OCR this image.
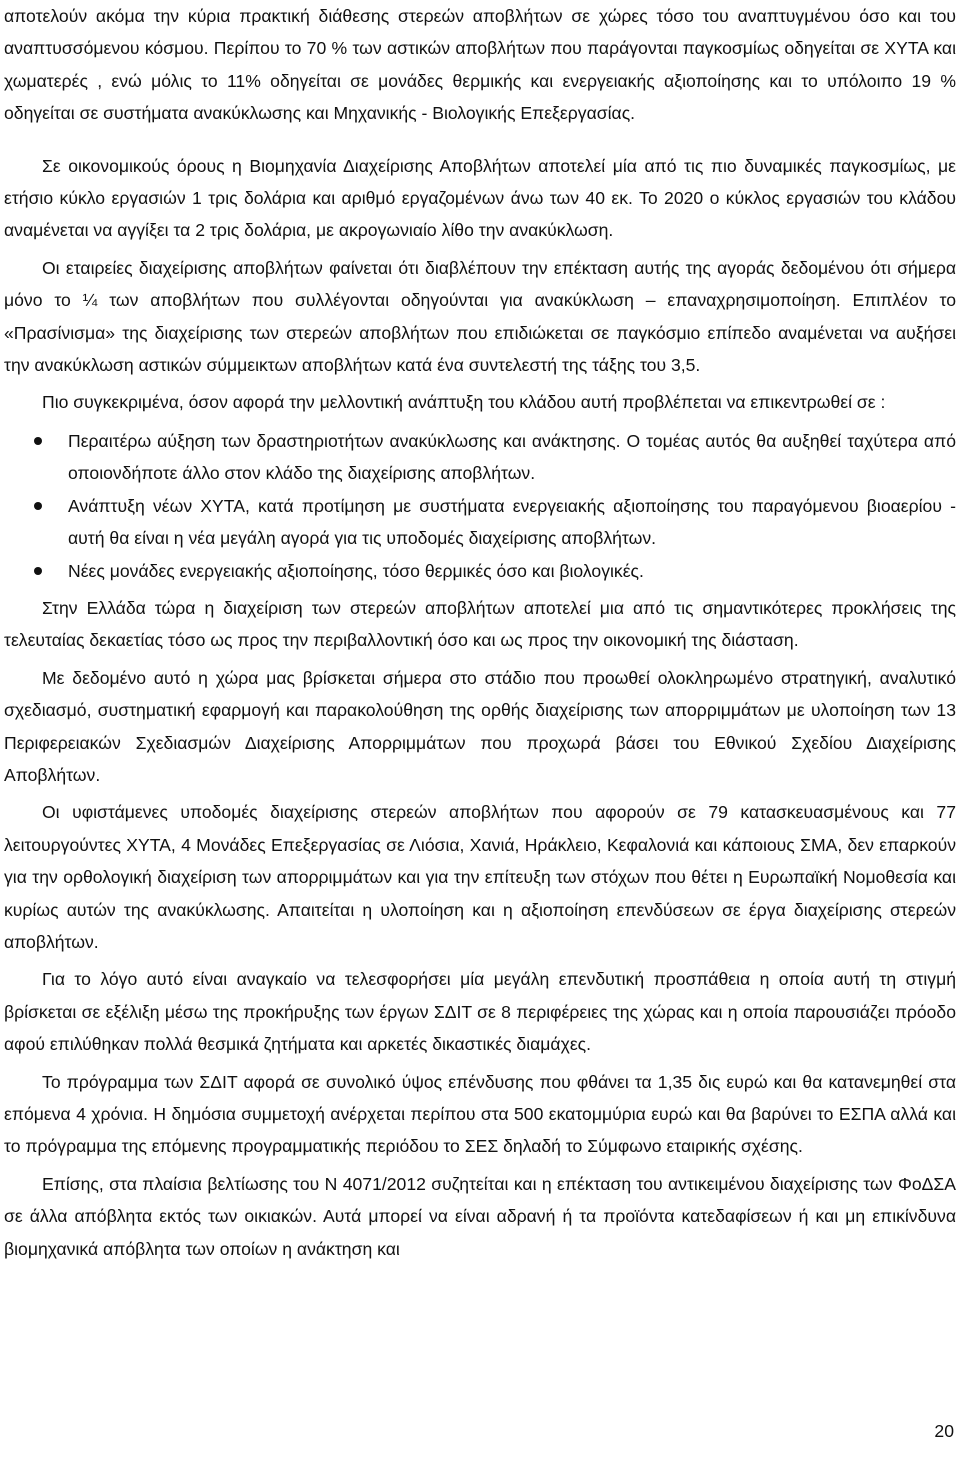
αποτελούν ακόμα την κύρια πρακτική διάθεσης στερεών αποβλήτων σε χώρες τόσο του αναπτυγμένου όσο και του αναπτυσσόμενου κόσμου. Περίπου το 70 % των αστικών αποβλήτων που παράγονται παγκοσμίως οδηγείται σε ΧΥΤΑ και χωματερές , ενώ μόλις το 11% οδηγείται σε μονάδες θερμικής και ενεργειακής αξιοποίησης και το υπόλοιπο 19 % οδηγείται σε συστήματα ανακύκλωσης και Μηχανικής - Βιολογικής Επεξεργασίας.

Σε οικονομικούς όρους η Βιομηχανία Διαχείρισης Αποβλήτων αποτελεί μία από τις πιο δυναμικές παγκοσμίως, με ετήσιο κύκλο εργασιών 1 τρις δολάρια και αριθμό εργαζομένων άνω των 40 εκ. Το 2020 ο κύκλος εργασιών του κλάδου αναμένεται να αγγίξει τα 2 τρις δολάρια, με ακρογωνιαίο λίθο την ανακύκλωση.

Οι εταιρείες διαχείρισης αποβλήτων φαίνεται ότι διαβλέπουν την επέκταση αυτής της αγοράς δεδομένου ότι σήμερα μόνο το ¼ των αποβλήτων που συλλέγονται οδηγούνται για ανακύκλωση – επαναχρησιμοποίηση. Επιπλέον το «Πρασίνισμα» της διαχείρισης των στερεών αποβλήτων που επιδιώκεται σε παγκόσμιο επίπεδο αναμένεται να αυξήσει την ανακύκλωση αστικών σύμμεικτων αποβλήτων κατά ένα συντελεστή της τάξης του 3,5.

Πιο συγκεκριμένα, όσον αφορά την μελλοντική ανάπτυξη του κλάδου αυτή προβλέπεται να επικεντρωθεί σε :

Περαιτέρω αύξηση των δραστηριοτήτων ανακύκλωσης και ανάκτησης. Ο τομέας αυτός θα αυξηθεί ταχύτερα από οποιονδήποτε άλλο στον κλάδο της διαχείρισης αποβλήτων.
Ανάπτυξη νέων ΧΥΤΑ, κατά προτίμηση με συστήματα ενεργειακής αξιοποίησης του παραγόμενου βιοαερίου - αυτή θα είναι η νέα μεγάλη αγορά για τις υποδομές διαχείρισης αποβλήτων.
Νέες μονάδες ενεργειακής αξιοποίησης, τόσο θερμικές όσο και βιολογικές.

Στην Ελλάδα τώρα η διαχείριση των στερεών αποβλήτων αποτελεί μια από τις σημαντικότερες προκλήσεις της τελευταίας δεκαετίας τόσο ως προς την περιβαλλοντική όσο και ως προς την οικονομική της διάσταση.

Με δεδομένο αυτό η χώρα μας βρίσκεται σήμερα στο στάδιο που προωθεί ολοκληρωμένο στρατηγική, αναλυτικό σχεδιασμό, συστηματική εφαρμογή και παρακολούθηση της ορθής διαχείρισης των απορριμμάτων με υλοποίηση των 13 Περιφερειακών Σχεδιασμών Διαχείρισης Απορριμμάτων που προχωρά βάσει του Εθνικού Σχεδίου Διαχείρισης Αποβλήτων.

Οι υφιστάμενες υποδομές διαχείρισης στερεών αποβλήτων που αφορούν σε 79 κατασκευασμένους και 77 λειτουργούντες ΧΥΤΑ, 4 Μονάδες Επεξεργασίας σε Λιόσια, Χανιά, Ηράκλειο, Κεφαλονιά και κάποιους ΣΜΑ, δεν επαρκούν για την ορθολογική διαχείριση των απορριμμάτων και για την επίτευξη των στόχων που θέτει η Ευρωπαϊκή Νομοθεσία και κυρίως αυτών της ανακύκλωσης. Απαιτείται η υλοποίηση και η αξιοποίηση επενδύσεων σε έργα διαχείρισης στερεών αποβλήτων.

Για το λόγο αυτό είναι αναγκαίο να τελεσφορήσει μία μεγάλη επενδυτική προσπάθεια η οποία αυτή τη στιγμή βρίσκεται σε εξέλιξη μέσω της προκήρυξης των έργων ΣΔΙΤ σε 8 περιφέρειες της χώρας και η οποία παρουσιάζει πρόοδο αφού επιλύθηκαν πολλά θεσμικά ζητήματα και αρκετές δικαστικές διαμάχες.

Το πρόγραμμα των ΣΔΙΤ αφορά σε συνολικό ύψος επένδυσης που φθάνει τα 1,35 δις ευρώ και θα κατανεμηθεί στα επόμενα 4 χρόνια. Η δημόσια συμμετοχή ανέρχεται περίπου στα 500 εκατομμύρια ευρώ και θα βαρύνει το ΕΣΠΑ αλλά και το πρόγραμμα της επόμενης προγραμματικής περιόδου το ΣΕΣ δηλαδή το Σύμφωνο εταιρικής σχέσης.

Επίσης, στα πλαίσια βελτίωσης του Ν 4071/2012 συζητείται και η επέκταση του αντικειμένου διαχείρισης των ΦοΔΣΑ σε άλλα απόβλητα εκτός των οικιακών. Αυτά μπορεί να είναι αδρανή ή τα προϊόντα κατεδαφίσεων ή και μη επικίνδυνα βιομηχανικά απόβλητα των οποίων η ανάκτηση και

20
